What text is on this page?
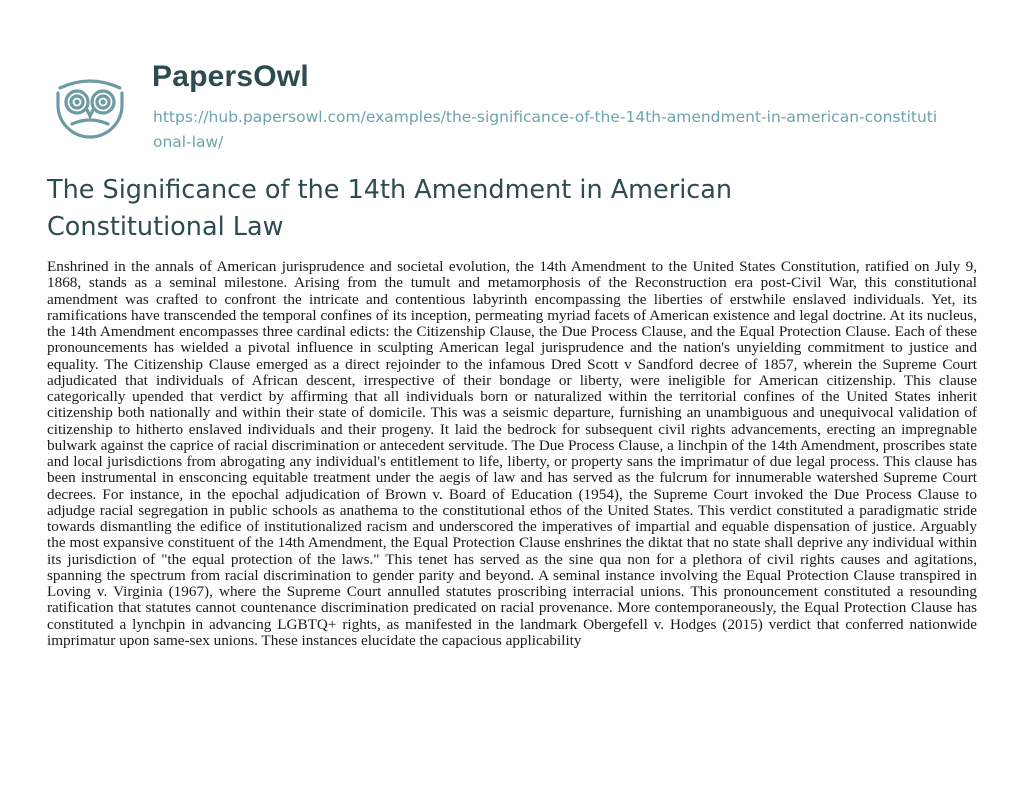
PapersOwl
https://hub.papersowl.com/examples/the-significance-of-the-14th-amendment-in-american-constitutional-law/
The Significance of the 14th Amendment in American Constitutional Law

Enshrined in the annals of American jurisprudence and societal evolution, the 14th Amendment to the United States Constitution, ratified on July 9, 1868, stands as a seminal milestone. Arising from the tumult and metamorphosis of the Reconstruction era post-Civil War, this constitutional amendment was crafted to confront the intricate and contentious labyrinth encompassing the liberties of erstwhile enslaved individuals. Yet, its ramifications have transcended the temporal confines of its inception, permeating myriad facets of American existence and legal doctrine. At its nucleus, the 14th Amendment encompasses three cardinal edicts: the Citizenship Clause, the Due Process Clause, and the Equal Protection Clause. Each of these pronouncements has wielded a pivotal influence in sculpting American legal jurisprudence and the nation's unyielding commitment to justice and equality. The Citizenship Clause emerged as a direct rejoinder to the infamous Dred Scott v Sandford decree of 1857, wherein the Supreme Court adjudicated that individuals of African descent, irrespective of their bondage or liberty, were ineligible for American citizenship. This clause categorically upended that verdict by affirming that all individuals born or naturalized within the territorial confines of the United States inherit citizenship both nationally and within their state of domicile. This was a seismic departure, furnishing an unambiguous and unequivocal validation of citizenship to hitherto enslaved individuals and their progeny. It laid the bedrock for subsequent civil rights advancements, erecting an impregnable bulwark against the caprice of racial discrimination or antecedent servitude. The Due Process Clause, a linchpin of the 14th Amendment, proscribes state and local jurisdictions from abrogating any individual's entitlement to life, liberty, or property sans the imprimatur of due legal process. This clause has been instrumental in ensconcing equitable treatment under the aegis of law and has served as the fulcrum for innumerable watershed Supreme Court decrees. For instance, in the epochal adjudication of Brown v. Board of Education (1954), the Supreme Court invoked the Due Process Clause to adjudge racial segregation in public schools as anathema to the constitutional ethos of the United States. This verdict constituted a paradigmatic stride towards dismantling the edifice of institutionalized racism and underscored the imperatives of impartial and equable dispensation of justice. Arguably the most expansive constituent of the 14th Amendment, the Equal Protection Clause enshrines the diktat that no state shall deprive any individual within its jurisdiction of "the equal protection of the laws." This tenet has served as the sine qua non for a plethora of civil rights causes and agitations, spanning the spectrum from racial discrimination to gender parity and beyond. A seminal instance involving the Equal Protection Clause transpired in Loving v. Virginia (1967), where the Supreme Court annulled statutes proscribing interracial unions. This pronouncement constituted a resounding ratification that statutes cannot countenance discrimination predicated on racial provenance. More contemporaneously, the Equal Protection Clause has constituted a lynchpin in advancing LGBTQ+ rights, as manifested in the landmark Obergefell v. Hodges (2015) verdict that conferred nationwide imprimatur upon same-sex unions. These instances elucidate the capacious applicability
